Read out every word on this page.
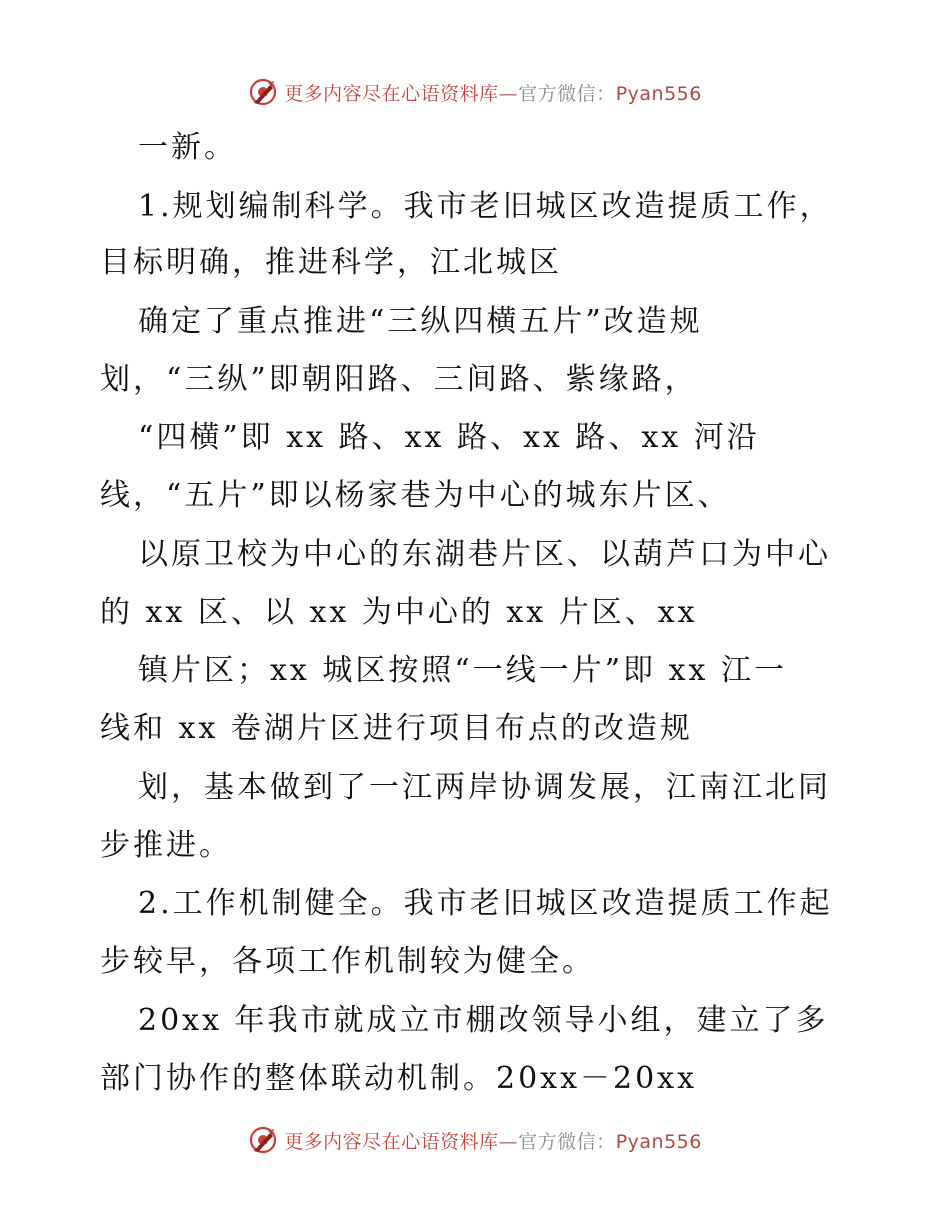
更多内容尽在心语资料库—官方微信：Pyan556
一新。
1.规划编制科学。我市老旧城区改造提质工作，
目标明确，推进科学，江北城区
确定了重点推进“三纵四横五片”改造规
划，“三纵”即朝阳路、三间路、紫缘路，
“四横”即 xx 路、xx 路、xx 路、xx 河沿
线，“五片”即以杨家巷为中心的城东片区、
以原卫校为中心的东湖巷片区、以葫芦口为中心
的 xx 区、以 xx 为中心的 xx 片区、xx
镇片区；xx 城区按照“一线一片”即 xx 江一
线和 xx 卷湖片区进行项目布点的改造规
划，基本做到了一江两岸协调发展，江南江北同
步推进。
2.工作机制健全。我市老旧城区改造提质工作起
步较早，各项工作机制较为健全。
20xx 年我市就成立市棚改领导小组，建立了多
部门协作的整体联动机制。20xx－20xx
更多内容尽在心语资料库—官方微信：Pyan556
